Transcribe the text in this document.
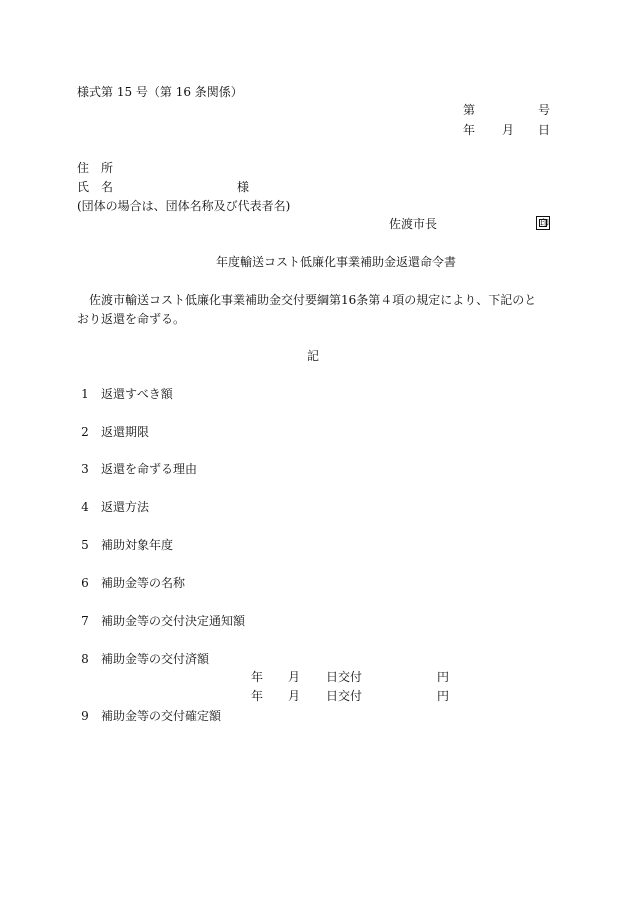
様式第 15 号（第 16 条関係）
第	号
年 月 日
住　所
氏　名	様
(団体の場合は、団体名称及び代表者名)
佐渡市長	印
年度輸送コスト低廉化事業補助金返還命令書
佐渡市輸送コスト低廉化事業補助金交付要綱第16条第４項の規定により、下記のと
おり返還を命ずる。
記
1 返還すべき額
2 返還期限
3 返還を命ずる理由
4 返還方法
5 補助対象年度
6 補助金等の名称
7 補助金等の交付決定通知額
8 補助金等の交付済額
年 月 日交付	円
年 月 日交付	円
9 補助金等の交付確定額
